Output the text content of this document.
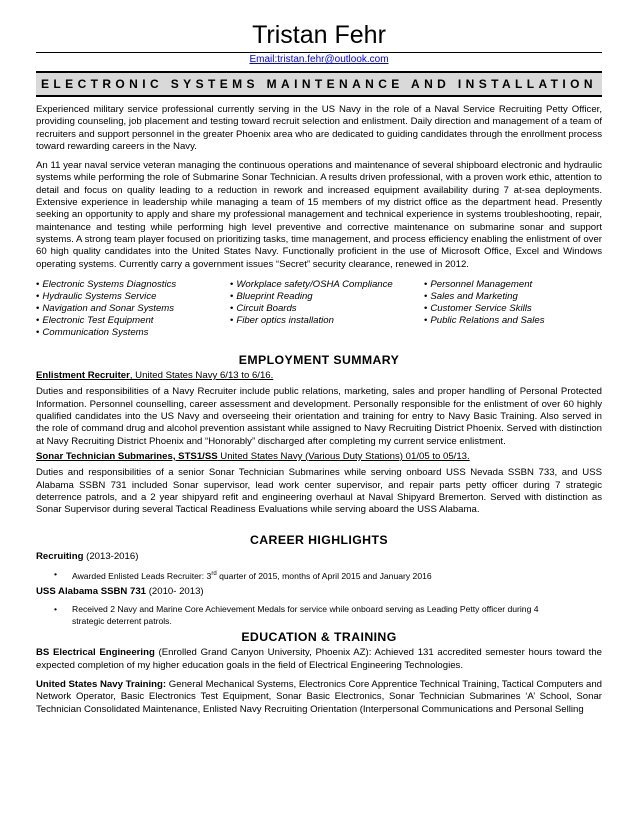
Tristan Fehr
Email:tristan.fehr@outlook.com
ELECTRONIC SYSTEMS MAINTENANCE AND INSTALLATION

Experienced military service professional currently serving in the US Navy in the role of a Naval Service Recruiting Petty Officer, providing counseling, job placement and testing toward recruit selection and enlistment. Daily direction and management of a team of recruiters and support personnel in the greater Phoenix area who are dedicated to guiding candidates through the enrollment process toward rewarding careers in the Navy.

An 11 year naval service veteran managing the continuous operations and maintenance of several shipboard electronic and hydraulic systems while performing the role of Submarine Sonar Technician. A results driven professional, with a proven work ethic, attention to detail and focus on quality leading to a reduction in rework and increased equipment availability during 7 at-sea deployments. Extensive experience in leadership while managing a team of 15 members of my district office as the department head. Presently seeking an opportunity to apply and share my professional management and technical experience in systems troubleshooting, repair, maintenance and testing while performing high level preventive and corrective maintenance on submarine sonar and support systems. A strong team player focused on prioritizing tasks, time management, and process efficiency enabling the enlistment of over 60 high quality candidates into the United States Navy. Functionally proficient in the use of Microsoft Office, Excel and Windows operating systems. Currently carry a government issues “Secret” security clearance, renewed in 2012.

• Electronic Systems Diagnostics
• Hydraulic Systems Service
• Navigation and Sonar Systems
• Electronic Test Equipment
• Communication Systems
• Workplace safety/OSHA Compliance
• Blueprint Reading
• Circuit Boards
• Fiber optics installation
• Personnel Management
• Sales and Marketing
• Customer Service Skills
• Public Relations and Sales
EMPLOYMENT SUMMARY
Enlistment Recruiter, United States Navy 6/13 to 6/16.

Duties and responsibilities of a Navy Recruiter include public relations, marketing, sales and proper handling of Personal Protected Information. Personnel counselling, career assessment and development. Personally responsible for the enlistment of over 60 highly qualified candidates into the US Navy and overseeing their orientation and training for entry to Navy Basic Training. Also served in the role of command drug and alcohol prevention assistant while assigned to Navy Recruiting District Phoenix. Served with distinction at Navy Recruiting District Phoenix and “Honorably” discharged after completing my current service enlistment.

Sonar Technician Submarines, STS1/SS United States Navy (Various Duty Stations) 01/05 to 05/13.

Duties and responsibilities of a senior Sonar Technician Submarines while serving onboard USS Nevada SSBN 733, and USS Alabama SSBN 731 included Sonar supervisor, lead work center supervisor, and repair parts petty officer during 7 strategic deterrence patrols, and a 2 year shipyard refit and engineering overhaul at Naval Shipyard Bremerton. Served with distinction as Sonar Supervisor during several Tactical Readiness Evaluations while serving aboard the USS Alabama.

CAREER HIGHLIGHTS
Recruiting (2013-2016)
• Awarded Enlisted Leads Recruiter: 3rd quarter of 2015, months of April 2015 and January 2016
USS Alabama SSBN 731 (2010- 2013)
• Received 2 Navy and Marine Core Achievement Medals for service while onboard serving as Leading Petty officer during 4
strategic deterrent patrols.
EDUCATION & TRAINING

BS Electrical Engineering (Enrolled Grand Canyon University, Phoenix AZ): Achieved 131 accredited semester hours toward the expected completion of my higher education goals in the field of Electrical Engineering Technologies.

United States Navy Training: General Mechanical Systems, Electronics Core Apprentice Technical Training, Tactical Computers and Network Operator, Basic Electronics Test Equipment, Sonar Basic Electronics, Sonar Technician Submarines ‘A’ School, Sonar Technician Consolidated Maintenance, Enlisted Navy Recruiting Orientation (Interpersonal Communications and Personal Selling
